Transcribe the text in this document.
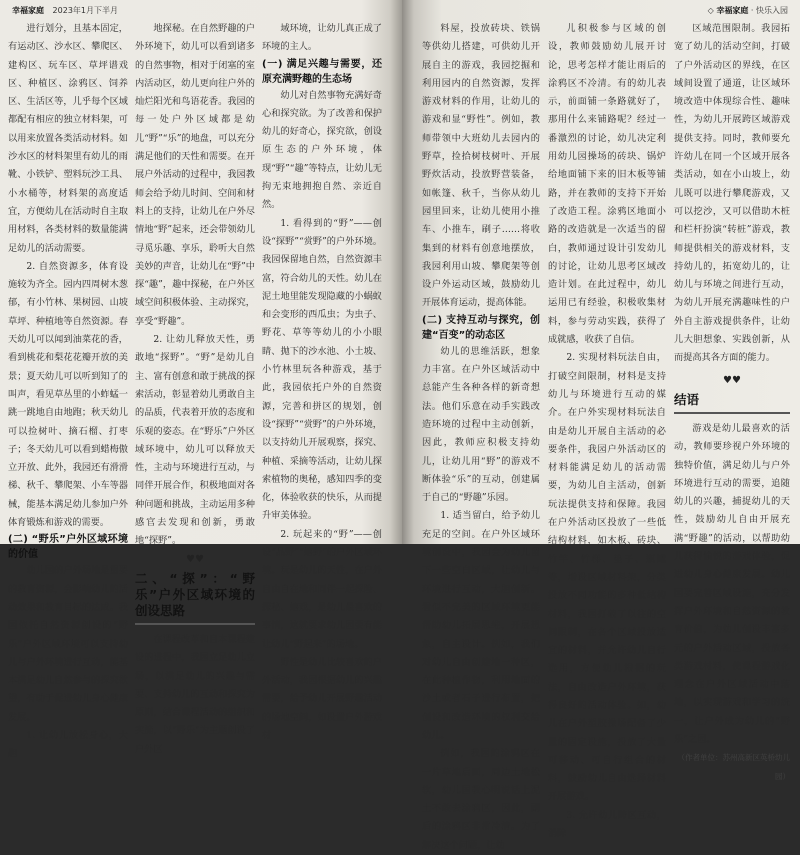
幸福家庭 2023年1月下半月

进行划分，且基本固定，有运动区、沙水区、攀爬区、建构区、玩车区、草坪谱戏区、种植区、涂鸦区、饲养区、生活区等，儿乎每个区域都配有相应的独立材料架，可以用来放置各类活动材料。如沙水区的材料架里有幼儿的雨靴、小铁铲、塑料玩沙工具、小水桶等，材料架的高度适宜，方便幼儿在活动时自主取用材料，各类材料的数量能满足幼儿的活动需要。

2. 自然资源多，体育设施较为齐全。园内四周树木葱郁，有小竹林、果树园、山坡草坪、种植地等自然资源。春天幼儿可以闻到油菜花的香，看到桃花和梨花花瓣开放的美景；夏天幼儿可以听到知了的叫声，看见草丛里的小蚱蜢一跳一跳地自由地跑；秋天幼儿可以捡树叶、摘石榴、打枣子；冬天幼儿可以看到蜡梅傲立开放、此外，我园还有滑滑梯、秋千、攀爬架、小车等器械，能基本满足幼儿参加户外体育锻炼和游戏的需要。

(二) “野乐”户外区域环境的价值

幼儿园的户外场地是重要的教育资源，会影响幼儿的活动效果和教育目标的达成。我园依托自然资源创设的“野乐”户外区域环境可以支持幼儿与户外环境进行互动，能基本满足幼儿自然参与的探究欲望，有助于促进幼儿身心健康发展。

1. 让幼儿放松身心，大胆

地探秘。在自然野趣的户外环境下，幼儿可以看到诸多的自然事物，相对于闭塞的室内活动区，幼儿更向往户外的灿烂阳光和鸟语花香。我园的每一处户外区域都是幼儿“野”“乐”的地盘，可以充分满足他们的天性和需要。在开展户外活动的过程中，我园教师会给予幼儿时间、空间和材料上的支持，让幼儿在户外尽情地“野”起来，还会带领幼儿寻觅乐趣、享乐，聆听大自然美妙的声音，让幼儿在“野”中探“趣”，趣中探秘，在户外区域空间积极体验、主动探究，享受“野趣”。

2. 让幼儿释放天性，勇敢地“探野”。“野”是幼儿自主、富有创意和敢于挑战的探索活动，彰显着幼儿勇敢自主的品质，代表着开放的态度和乐观的姿态。在“野乐”户外区域环境中，幼儿可以释放天性，主动与环境进行互动，与同伴开展合作，积极地面对各种问题和挑战，主动运用多种感官去发现和创新，勇敢地“探野”。

♥♥
二、“探”：“野乐”户外区域环境的创设思路

在课程改革和自本课程建设的进程中，我园立足幼儿立场，以满足幼儿的兴趣与需要、支持幼儿的互动和探究为原则，结合课程活动的组织和实施，以“野乐”为主题创设了户外区

域环境，让幼儿真正成了环境的主人。

(一) 满足兴趣与需要，还原充满野趣的生态场

幼儿对自然事物充满好奇心和探究欲。为了改善和保护幼儿的好奇心，探究欲，创设原生态的户外环境，体现“野”“趣”等特点，让幼儿无拘无束地拥抱自然、亲近自然。

1. 看得到的“野”——创设“探野”“赏野”的户外环境。我园保留地自然，自然资源丰富，符合幼儿的天性。幼儿在泥土地里能发现隐藏的小蜗蚁和会变形的西瓜虫；为虫子、野花、草等等幼儿的小小眼睛、抛下的沙水池、小土坡、小竹林里玩各种游戏，基于此，我园依托户外的自然资源，完善和拼区的规划，创设“探野”“赏野”的户外环境，以支持幼儿开展观察，探究、种植、采摘等活动，让幼儿探索植物的奥秘，感知四季的变化，体验收获的快乐，从而提升审美体验。

2. 玩起来的“野”——创设“品野”“嬉野”的户外区域环境。玩是幼儿的天性，在户外自由自在地和同伴一起探险、探秘、嬉戏，是幼儿最喜欢的事情，这就要求幼儿园要有能让幼儿“野起来”的场地。

野性是幼儿比较喜欢的户外活动，我园根据幼儿的兴趣需要，给予幼儿开展野趣活动的场地空间，如设置户外游戏材

◇ 幸福家庭 · 快乐入园

料屋，投放砖块、铁锅等供幼儿搭建，可供幼儿开展自主的游戏，我园挖掘和利用园内的自然资源，发挥游戏材料的作用，让幼儿的游戏和显“野性”。例如，教师带领中大班幼儿去园内的野草，捡拾树枝树叶、开展野炊活动，投放野营装备，如帐篷、秋千，当你从幼儿园里回来，让幼儿使用小推车、小推车，刷子……将收集到的材料有创意地摆放，我园利用山坡、攀爬架等创设户外运动区域，鼓励幼儿开展体育运动，提高体能。

(二) 支持互动与探究，创建“百变”的动态区

幼儿的思维活跃，想象力丰富。在户外区域活动中总能产生各种各样的新奇想法。他们乐意在动手实践改造环境的过程中主动创新，因此，教师应积极支持幼儿，让幼儿用“野”的游戏不断体验“乐”的互动，创建属于自己的“野趣”乐园。

1. 适当留白，给予幼儿充足的空间。在户外区域环境创设中，我园会为幼儿留下一些空白区域，让幼儿与环境进行互动，大胆创新。看似不完美的区域环境更能帮助幼儿拓展思维，开展想象，自主设计。例如，我们对幼儿自由创建地一种区，在此种植作物，利用地面的沙土或者石子进行布置，把创设和改造环境的权利交给幼儿。

例如，我园的涂鸦区在一片草地后面，周边土地松软，幼儿国教心明说话上泥土不敢去涂鸦区，因此，副后的涂鸦区非常冷清。为了解决这个问题，让幼

儿积极参与区域的创设，教师鼓励幼儿展开讨论，思考怎样才能让雨后的涂鸦区不冷清。有的幼儿表示，前面铺一条路就好了，那用什么来铺路呢？经过一番激烈的讨论，幼儿决定利用幼儿园操场的砖块、锅炉给地面铺下来的旧木板等铺路，并在教师的支持下开始了改造工程。涂鸦区地面小路的改造就是一次适当的留白，教师通过设计引发幼儿的讨论，让幼儿思考区域改造计划。在此过程中，幼儿运用已有经验，积极收集材料，参与劳动实践，获得了成就感，收获了自信。

2. 实现材料玩法自由，打破空间限制，材料是支持幼儿与环境进行互动的媒介。在户外实现材料玩法自由是幼儿开展自主活动的必要条件，我园户外活动区的材料能满足幼儿的活动需要，为幼儿自主活动，创新玩法提供支持和保障。我园在户外活动区投放了一些低结构材料，如木板、砖块、竹竿、竹梯、垫子、瓶罐等，增设区域材料架，分类投放不同功能的多种低结构材料，我园打破了以往的空间限制，在各个区域投放适宜的材料，并允许幼儿自行选用，方便幼儿根据的玩法，自由改造户外环境，获得良好的活动体验。如，幼儿在户外塑胶操场配备了少量的固定设施，投放了大量可移动、可自行组合的材料，鼓励幼儿自由选择材料开展游戏。

3. 允许幼儿跨区互动，消除

区域范围限制。我园拓宽了幼儿的活动空间，打破了户外活动区的界线，在区域间设置了通道，让区域环境改造中体现综合性、趣味性，为幼儿开展跨区域游戏提供支持。同时，教师要允许幼儿在同一个区域开展各类活动，如在小山坡上，幼儿既可以进行攀爬游戏，又可以挖沙，又可以借助木桩和栏杆扮演“转桩”游戏，教师提供相关的游戏材料，支持幼儿的，拓宽幼儿的，让幼儿与环境之间进行互动，为幼儿开展充满趣味性的户外自主游戏提供条件，让幼儿大胆想象、实践创新，从而提高其各方面的能力。

♥♥
结语

游戏是幼儿最喜欢的活动，教师要珍视户外环境的独特价值，满足幼儿与户外环境进行互动的需要，追随幼儿的兴趣，捕捉幼儿的天性，鼓励幼儿自由开展充满“野趣”的活动，以帮助幼儿获得愉悦的游戏体验，促进幼儿身心健康发展。幼儿园要完善区域设施，充分发挥户外环境和自然资源的教育价值，为幼儿创设丰富多元的户外活动区域，投放各类游戏材料，使课程游戏化理念在户外区域活动中落地，以实现游戏和学习的统一，让户外成为幼儿的“野乐”之园。

（作者单位：苏州高新区英桥幼儿园）
